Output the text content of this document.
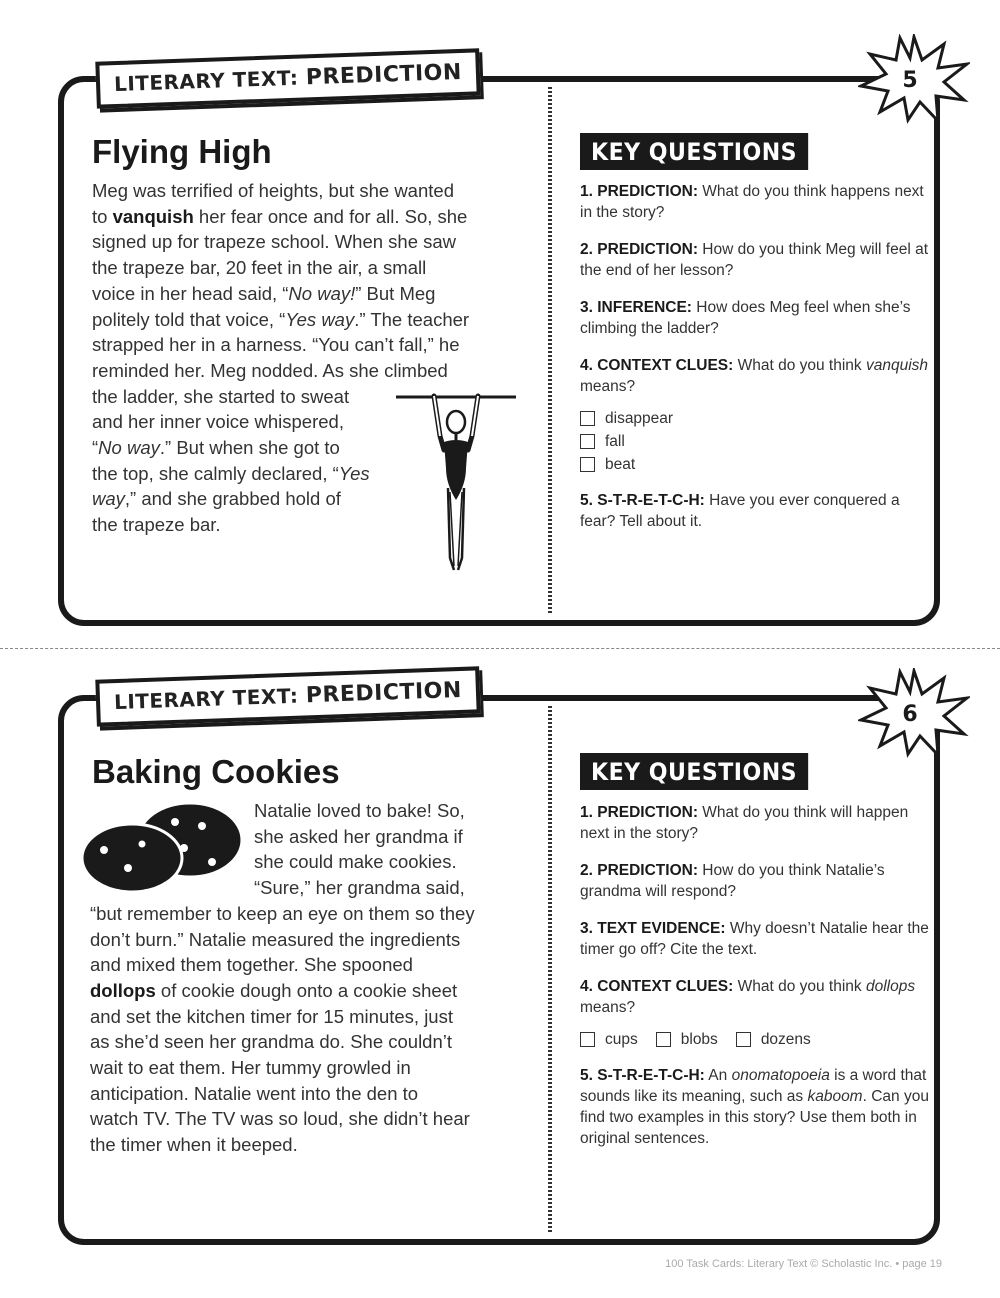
LITERARY TEXT: PREDICTION	5
Flying High

Meg was terrified of heights, but she wanted

to vanquish her fear once and for all. So, she

signed up for trapeze school. When she saw

the trapeze bar, 20 feet in the air, a small

voice in her head said, “No way!” But Meg

politely told that voice, “Yes way.” The teacher

strapped her in a harness. “You can’t fall,” he

reminded her. Meg nodded. As she climbed

the ladder, she started to sweat

and her inner voice whispered,

“No way.” But when she got to

the top, she calmly declared, “Yes

way,” and she grabbed hold of

the trapeze bar.

KEY QUESTIONS

1. PREDICTION: What do you think happens next in the story?

2. PREDICTION: How do you think Meg will feel at the end of her lesson?

3. INFERENCE: How does Meg feel when she’s climbing the ladder?

4. CONTEXT CLUES: What do you think vanquish means?

disappear
fall
beat

5. S-T-R-E-T-C-H: Have you ever conquered a fear? Tell about it.

LITERARY TEXT: PREDICTION
6
Baking Cookies

Natalie loved to bake! So,

she asked her grandma if

she could make cookies.

“Sure,” her grandma said,

“but remember to keep an eye on them so they

don’t burn.” Natalie measured the ingredients

and mixed them together. She spooned

dollops of cookie dough onto a cookie sheet

and set the kitchen timer for 15 minutes, just

as she’d seen her grandma do. She couldn’t

wait to eat them. Her tummy growled in

anticipation. Natalie went into the den to

watch TV. The TV was so loud, she didn’t hear

the timer when it beeped.

KEY QUESTIONS

1. PREDICTION: What do you think will happen next in the story?

2. PREDICTION: How do you think Natalie’s grandma will respond?

3. TEXT EVIDENCE: Why doesn’t Natalie hear the timer go off? Cite the text.

4. CONTEXT CLUES: What do you think dollops means?

cups	blobs	dozens

5. S-T-R-E-T-C-H: An onomatopoeia is a word that sounds like its meaning, such as kaboom. Can you find two examples in this story? Use them both in original sentences.

100 Task Cards: Literary Text © Scholastic Inc. • page 19
